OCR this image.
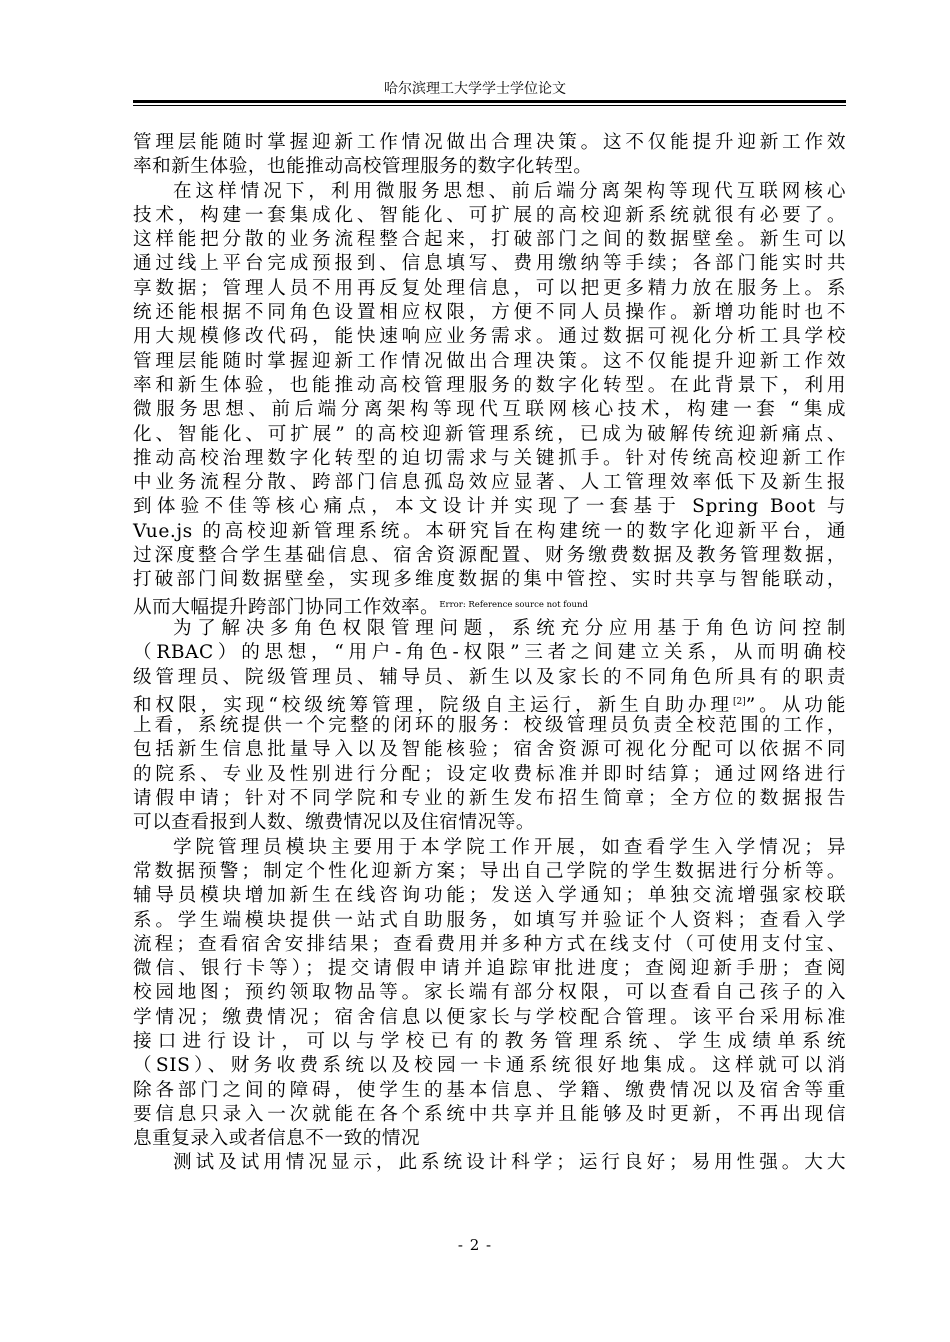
哈尔滨理工大学学士学位论文
管理层能随时掌握迎新工作情况做出合理决策。这不仅能提升迎新工作效
率和新生体验，也能推动高校管理服务的数字化转型。
在这样情况下，利用微服务思想、前后端分离架构等现代互联网核心
技术，构建一套集成化、智能化、可扩展的高校迎新系统就很有必要了。
这样能把分散的业务流程整合起来，打破部门之间的数据壁垒。新生可以
通过线上平台完成预报到、信息填写、费用缴纳等手续；各部门能实时共
享数据；管理人员不用再反复处理信息，可以把更多精力放在服务上。系
统还能根据不同角色设置相应权限，方便不同人员操作。新增功能时也不
用大规模修改代码，能快速响应业务需求。通过数据可视化分析工具学校
管理层能随时掌握迎新工作情况做出合理决策。这不仅能提升迎新工作效
率和新生体验，也能推动高校管理服务的数字化转型。在此背景下，利用
微服务思想、前后端分离架构等现代互联网核心技术，构建一套 “集成
化、智能化、可扩展” 的高校迎新管理系统，已成为破解传统迎新痛点、
推动高校治理数字化转型的迫切需求与关键抓手。针对传统高校迎新工作
中业务流程分散、跨部门信息孤岛效应显著、人工管理效率低下及新生报
到体验不佳等核心痛点，本文设计并实现了一套基于 Spring Boot 与
Vue.js 的高校迎新管理系统。本研究旨在构建统一的数字化迎新平台，通
过深度整合学生基础信息、宿舍资源配置、财务缴费数据及教务管理数据，
打破部门间数据壁垒，实现多维度数据的集中管控、实时共享与智能联动，
从而大幅提升跨部门协同工作效率。$^{Error: Reference source not found}$
为了解决多角色权限管理问题，系统充分应用基于角色访问控制
（RBAC）的思想，“用户-角色-权限”三者之间建立关系，从而明确校
级管理员、院级管理员、辅导员、新生以及家长的不同角色所具有的职责
和权限，实现“校级统筹管理，院级自主运行，新生自助办理[2]”。从功能
上看，系统提供一个完整的闭环的服务：校级管理员负责全校范围的工作，
包括新生信息批量导入以及智能核验；宿舍资源可视化分配可以依据不同
的院系、专业及性别进行分配；设定收费标准并即时结算；通过网络进行
请假申请；针对不同学院和专业的新生发布招生简章；全方位的数据报告
可以查看报到人数、缴费情况以及住宿情况等。
学院管理员模块主要用于本学院工作开展，如查看学生入学情况；异
常数据预警；制定个性化迎新方案；导出自己学院的学生数据进行分析等。
辅导员模块增加新生在线咨询功能；发送入学通知；单独交流增强家校联
系。学生端模块提供一站式自助服务，如填写并验证个人资料；查看入学
流程；查看宿舍安排结果；查看费用并多种方式在线支付（可使用支付宝、
微信、银行卡等）；提交请假申请并追踪审批进度；查阅迎新手册；查阅
校园地图；预约领取物品等。家长端有部分权限，可以查看自己孩子的入
学情况；缴费情况；宿舍信息以便家长与学校配合管理。该平台采用标准
接口进行设计，可以与学校已有的教务管理系统、学生成绩单系统
（SIS）、财务收费系统以及校园一卡通系统很好地集成。这样就可以消
除各部门之间的障碍，使学生的基本信息、学籍、缴费情况以及宿舍等重
要信息只录入一次就能在各个系统中共享并且能够及时更新，不再出现信
息重复录入或者信息不一致的情况
测试及试用情况显示，此系统设计科学；运行良好；易用性强。大大
- 2 -
